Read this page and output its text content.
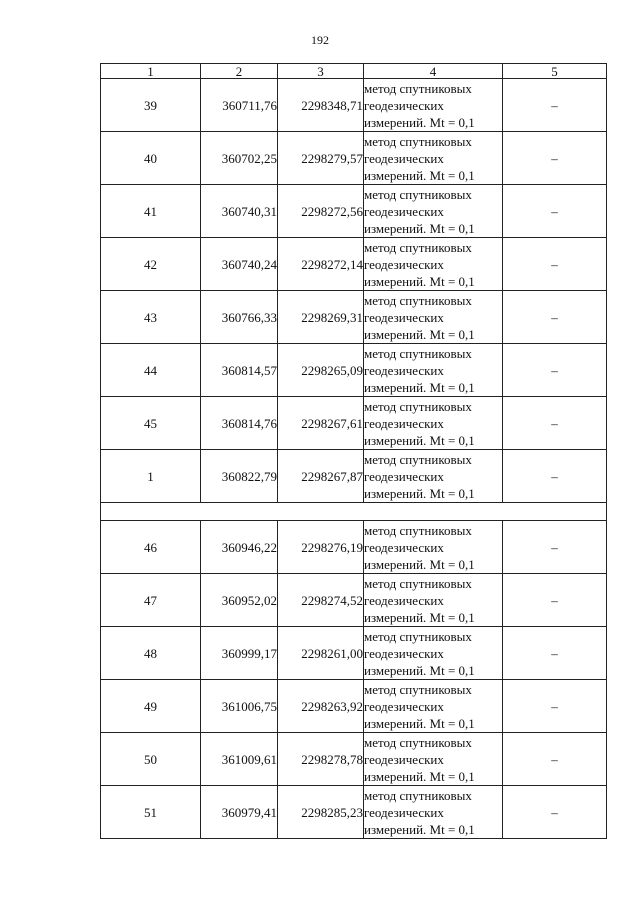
192
1	2	3	4	5
39	360711,76	2298348,71	метод спутниковых геодезических измерений. Mt = 0,1	–
40	360702,25	2298279,57	метод спутниковых геодезических измерений. Mt = 0,1	–
41	360740,31	2298272,56	метод спутниковых геодезических измерений. Mt = 0,1	–
42	360740,24	2298272,14	метод спутниковых геодезических измерений. Mt = 0,1	–
43	360766,33	2298269,31	метод спутниковых геодезических измерений. Mt = 0,1	–
44	360814,57	2298265,09	метод спутниковых геодезических измерений. Mt = 0,1	–
45	360814,76	2298267,61	метод спутниковых геодезических измерений. Mt = 0,1	–
1	360822,79	2298267,87	метод спутниковых геодезических измерений. Mt = 0,1	–

46	360946,22	2298276,19	метод спутниковых геодезических измерений. Mt = 0,1	–
47	360952,02	2298274,52	метод спутниковых геодезических измерений. Mt = 0,1	–
48	360999,17	2298261,00	метод спутниковых геодезических измерений. Mt = 0,1	–
49	361006,75	2298263,92	метод спутниковых геодезических измерений. Mt = 0,1	–
50	361009,61	2298278,78	метод спутниковых геодезических измерений. Mt = 0,1	–
51	360979,41	2298285,23	метод спутниковых геодезических измерений. Mt = 0,1	–
